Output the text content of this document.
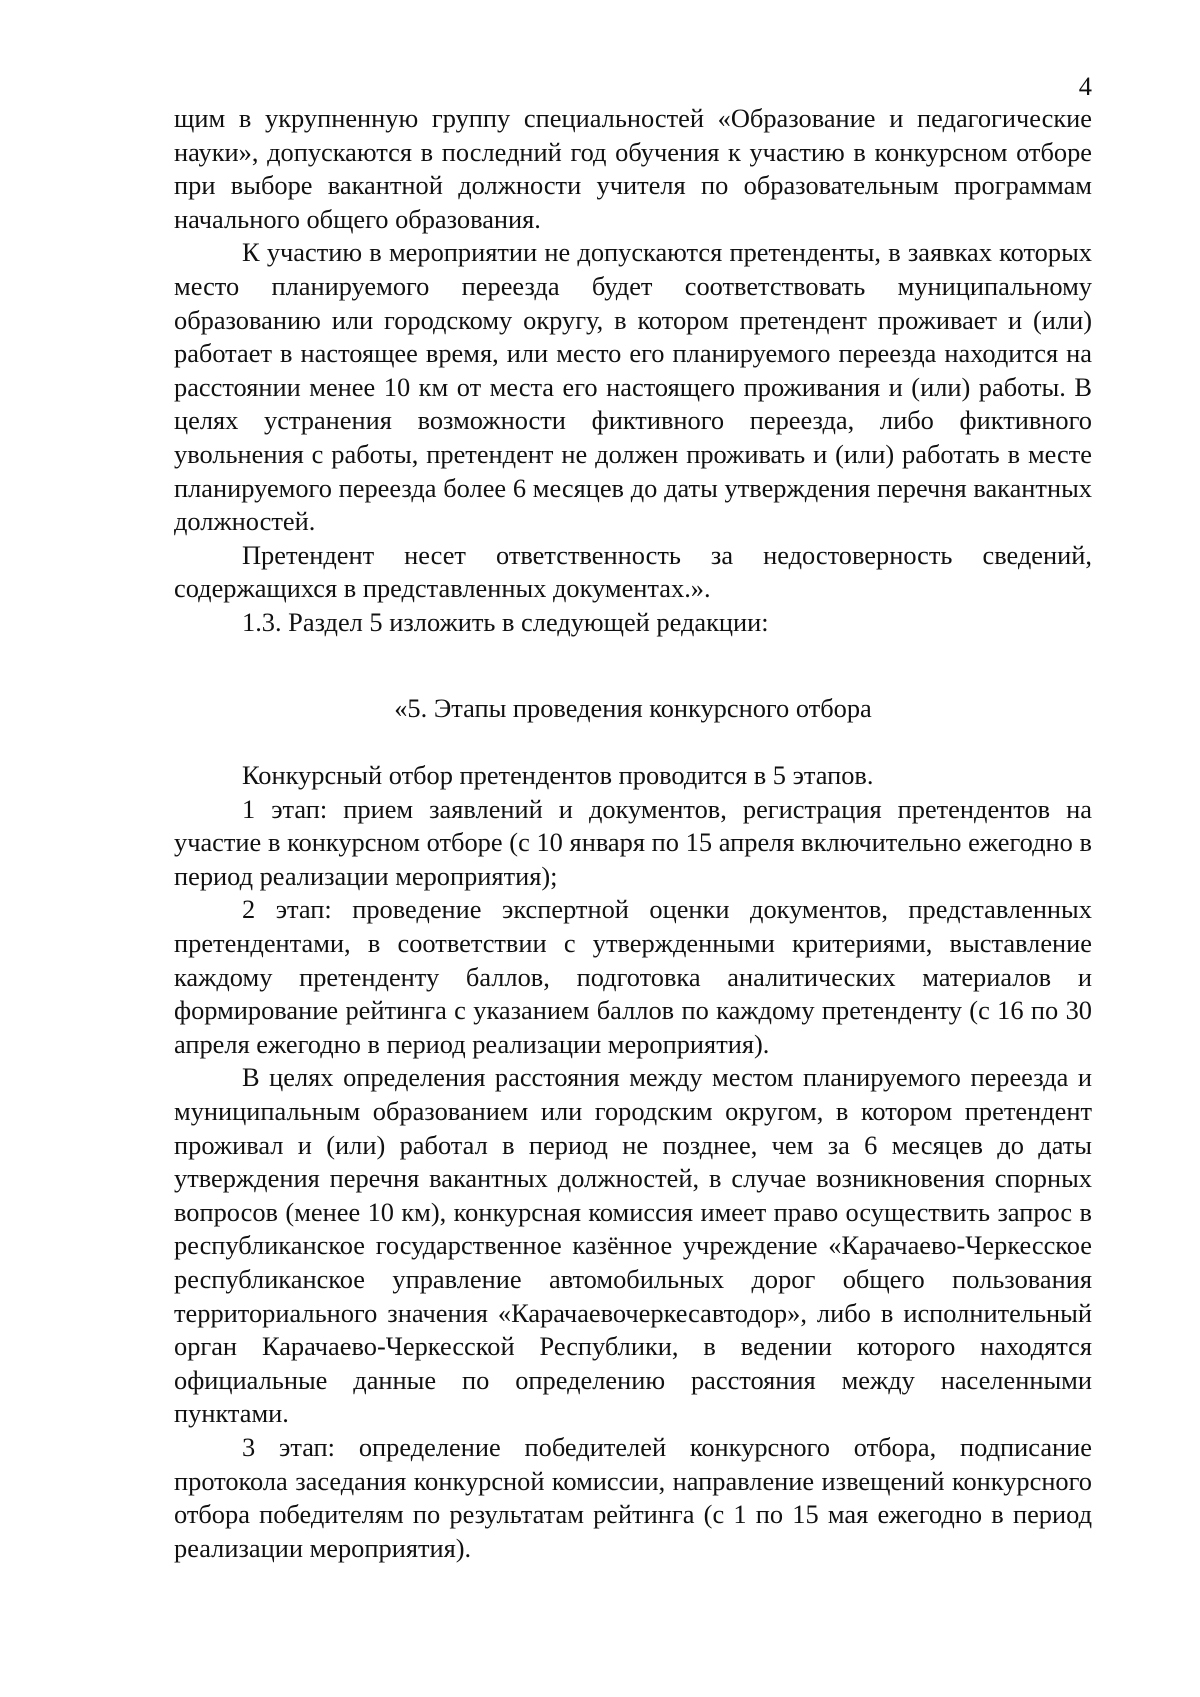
4

щим в укрупненную группу специальностей «Образование и педагогические науки», допускаются в последний год обучения к участию в конкурсном отборе при выборе вакантной должности учителя по образовательным программам начального общего образования.

К участию в мероприятии не допускаются претенденты, в заявках которых место планируемого переезда будет соответствовать муниципальному образованию или городскому округу, в котором претендент проживает и (или) работает в настоящее время, или место его планируемого переезда находится на расстоянии менее 10 км от места его настоящего проживания и (или) работы. В целях устранения возможности фиктивного переезда, либо фиктивного увольнения с работы, претендент не должен проживать и (или) работать в месте планируемого переезда более 6 месяцев до даты утверждения перечня вакантных должностей.

Претендент несет ответственность за недостоверность сведений, содержащихся в представленных документах.».

1.3. Раздел 5 изложить в следующей редакции:

«5. Этапы проведения конкурсного отбора

Конкурсный отбор претендентов проводится в 5 этапов.

1 этап: прием заявлений и документов, регистрация претендентов на участие в конкурсном отборе (с 10 января по 15 апреля включительно ежегодно в период реализации мероприятия);

2 этап: проведение экспертной оценки документов, представленных претендентами, в соответствии с утвержденными критериями, выставление каждому претенденту баллов, подготовка аналитических материалов и формирование рейтинга с указанием баллов по каждому претенденту (с 16 по 30 апреля ежегодно в период реализации мероприятия).

В целях определения расстояния между местом планируемого переезда и муниципальным образованием или городским округом, в котором претендент проживал и (или) работал в период не позднее, чем за 6 месяцев до даты утверждения перечня вакантных должностей, в случае возникновения спорных вопросов (менее 10 км), конкурсная комиссия имеет право осуществить запрос в республиканское государственное казённое учреждение «Карачаево-Черкесское республиканское управление автомобильных дорог общего пользования территориального значения «Карачаевочеркесавтодор», либо в исполнительный орган Карачаево-Черкесской Республики, в ведении которого находятся официальные данные по определению расстояния между населенными пунктами.

3 этап: определение победителей конкурсного отбора, подписание протокола заседания конкурсной комиссии, направление извещений конкурсного отбора победителям по результатам рейтинга (с 1 по 15 мая ежегодно в период реализации мероприятия).
